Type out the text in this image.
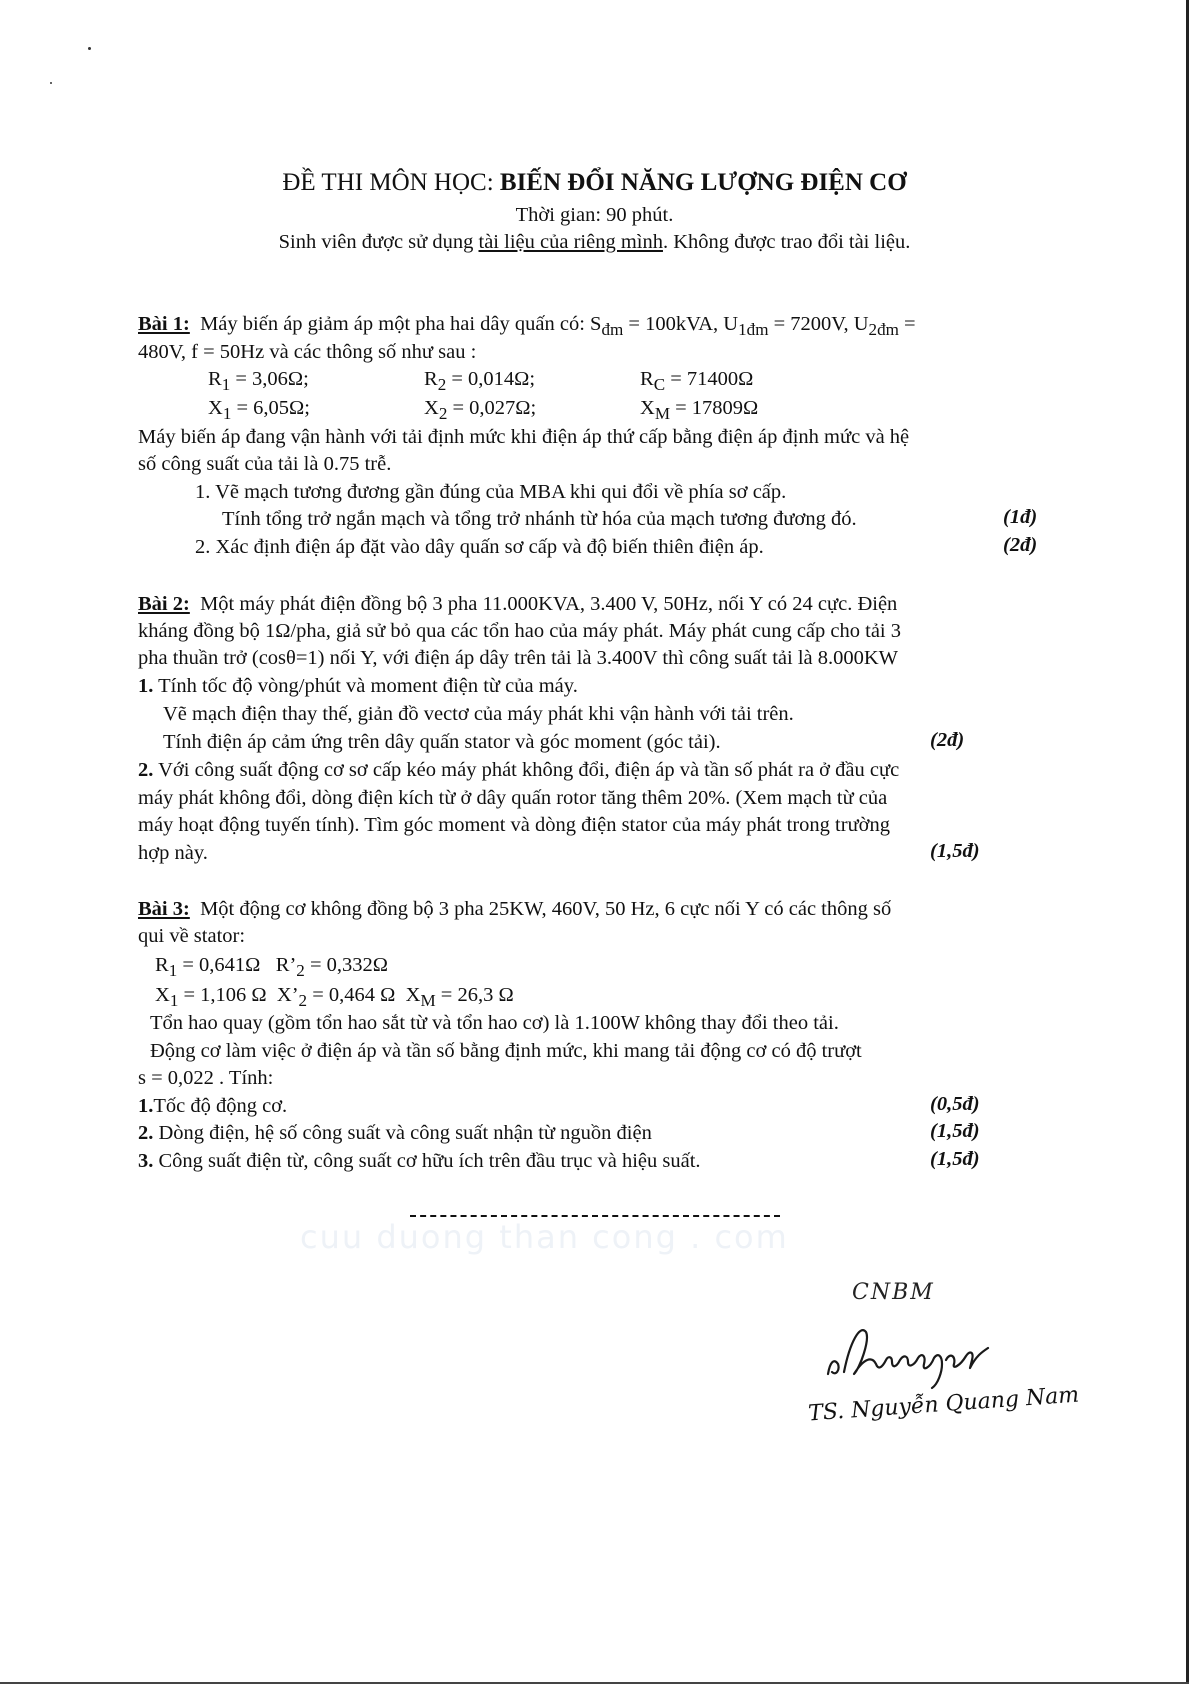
ĐỀ THI MÔN HỌC: BIẾN ĐỔI NĂNG LƯỢNG ĐIỆN CƠ
Thời gian: 90 phút.
Sinh viên được sử dụng tài liệu của riêng mình. Không được trao đổi tài liệu.
Bài 1: Máy biến áp giảm áp một pha hai dây quấn có: $S_{đm} = 100kVA$, $U_{1đm} = 7200V$, $U_{2đm}$ =
480V, f = 50Hz và các thông số như sau :
$R_1 = 3,06\Omega$;	$R_2 = 0,014\Omega$;	$R_C = 71400\Omega$
$X_1 = 6,05\Omega$;	$X_2 = 0,027\Omega$;	$X_M = 17809\Omega$
Máy biến áp đang vận hành với tải định mức khi điện áp thứ cấp bằng điện áp định mức và hệ
số công suất của tải là 0.75 trễ.
1. Vẽ mạch tương đương gần đúng của MBA khi qui đổi về phía sơ cấp.
Tính tổng trở ngắn mạch và tổng trở nhánh từ hóa của mạch tương đương đó.	(1đ)
2. Xác định điện áp đặt vào dây quấn sơ cấp và độ biến thiên điện áp.	(2đ)
Bài 2: Một máy phát điện đồng bộ 3 pha 11.000KVA, 3.400 V, 50Hz, nối Y có 24 cực. Điện
kháng đồng bộ 1Ω/pha, giả sử bỏ qua các tổn hao của máy phát. Máy phát cung cấp cho tải 3
pha thuần trở (cosθ=1) nối Y, với điện áp dây trên tải là 3.400V thì công suất tải là 8.000KW
1. Tính tốc độ vòng/phút và moment điện từ của máy.
Vẽ mạch điện thay thế, giản đồ vectơ của máy phát khi vận hành với tải trên.
Tính điện áp cảm ứng trên dây quấn stator và góc moment (góc tải).	(2đ)
2. Với công suất động cơ sơ cấp kéo máy phát không đổi, điện áp và tần số phát ra ở đầu cực
máy phát không đổi, dòng điện kích từ ở dây quấn rotor tăng thêm 20%. (Xem mạch từ của
máy hoạt động tuyến tính). Tìm góc moment và dòng điện stator của máy phát trong trường
hợp này.	(1,5đ)
Bài 3: Một động cơ không đồng bộ 3 pha 25KW, 460V, 50 Hz, 6 cực nối Y có các thông số
qui về stator:
$R_1 = 0,641\Omega$ $R’_2 = 0,332\Omega$
$X_1 = 1,106$ Ω $X’_2 = 0,464$ Ω  $X_M = 26,3$ Ω
Tổn hao quay (gồm tổn hao sắt từ và tổn hao cơ) là 1.100W không thay đổi theo tải.
Động cơ làm việc ở điện áp và tần số bằng định mức, khi mang tải động cơ có độ trượt
s = 0,022 . Tính:
1.Tốc độ động cơ.	(0,5đ)
2. Dòng điện, hệ số công suất và công suất nhận từ nguồn điện	(1,5đ)
3. Công suất điện từ, công suất cơ hữu ích trên đầu trục và hiệu suất.	(1,5đ)
cuu duong than cong . com
CNBM
TS. Nguyễn Quang Nam
